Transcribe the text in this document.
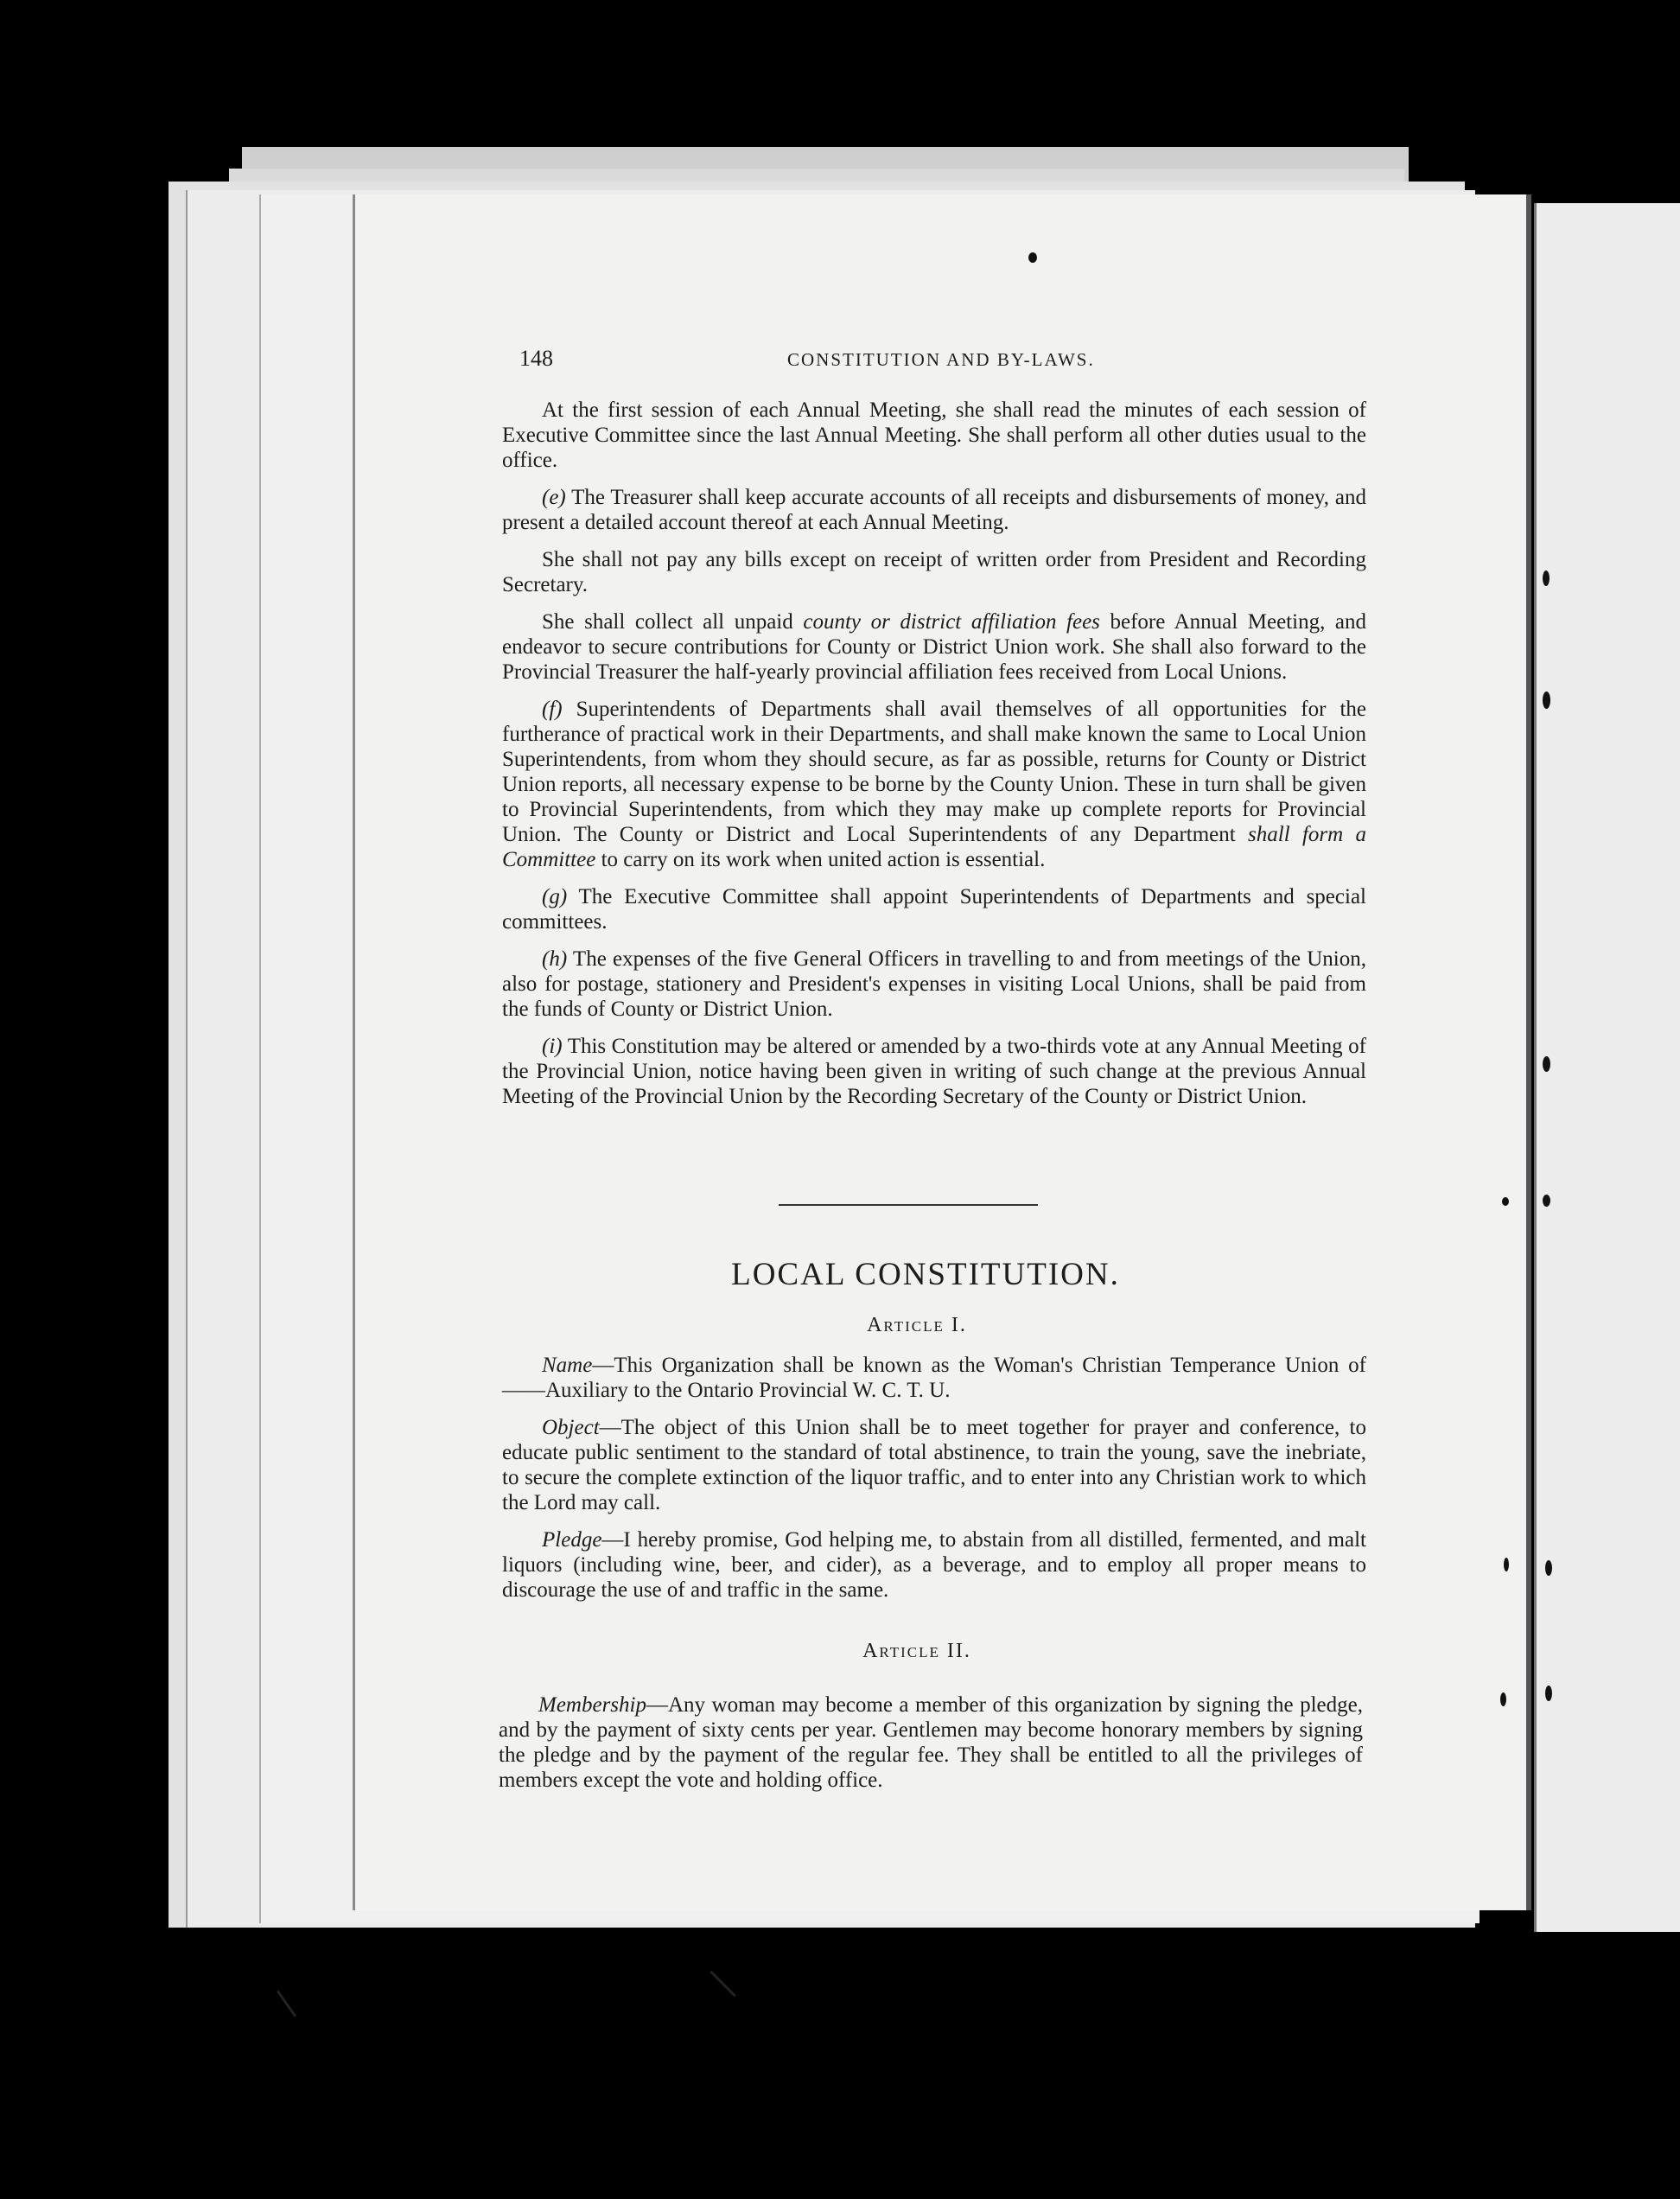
148	CONSTITUTION AND BY-LAWS.

At the first session of each Annual Meeting, she shall read the minutes of each session of Executive Committee since the last Annual Meeting. She shall perform all other duties usual to the office.

(e) The Treasurer shall keep accurate accounts of all receipts and disbursements of money, and present a detailed account thereof at each Annual Meeting.

She shall not pay any bills except on receipt of written order from President and Recording Secretary.

She shall collect all unpaid county or district affiliation fees before Annual Meeting, and endeavor to secure contributions for County or District Union work. She shall also forward to the Provincial Treasurer the half-yearly provincial affiliation fees received from Local Unions.

(f) Superintendents of Departments shall avail themselves of all opportunities for the furtherance of practical work in their Departments, and shall make known the same to Local Union Superintendents, from whom they should secure, as far as possible, returns for County or District Union reports, all necessary expense to be borne by the County Union. These in turn shall be given to Provincial Superintendents, from which they may make up complete reports for Provincial Union. The County or District and Local Superintendents of any Department shall form a Committee to carry on its work when united action is essential.

(g) The Executive Committee shall appoint Superintendents of Departments and special committees.

(h) The expenses of the five General Officers in travelling to and from meetings of the Union, also for postage, stationery and President's expenses in visiting Local Unions, shall be paid from the funds of County or District Union.

(i) This Constitution may be altered or amended by a two-thirds vote at any Annual Meeting of the Provincial Union, notice having been given in writing of such change at the previous Annual Meeting of the Provincial Union by the Recording Secretary of the County or District Union.

LOCAL CONSTITUTION.
Article I.

Name—This Organization shall be known as the Woman's Christian Temperance Union of ——Auxiliary to the Ontario Provincial W. C. T. U.

Object—The object of this Union shall be to meet together for prayer and conference, to educate public sentiment to the standard of total abstinence, to train the young, save the inebriate, to secure the complete extinction of the liquor traffic, and to enter into any Christian work to which the Lord may call.

Pledge—I hereby promise, God helping me, to abstain from all distilled, fermented, and malt liquors (including wine, beer, and cider), as a beverage, and to employ all proper means to discourage the use of and traffic in the same.

Article II.

Membership—Any woman may become a member of this organization by signing the pledge, and by the payment of sixty cents per year. Gentlemen may become honorary members by signing the pledge and by the payment of the regular fee. They shall be entitled to all the privileges of members except the vote and holding office.
